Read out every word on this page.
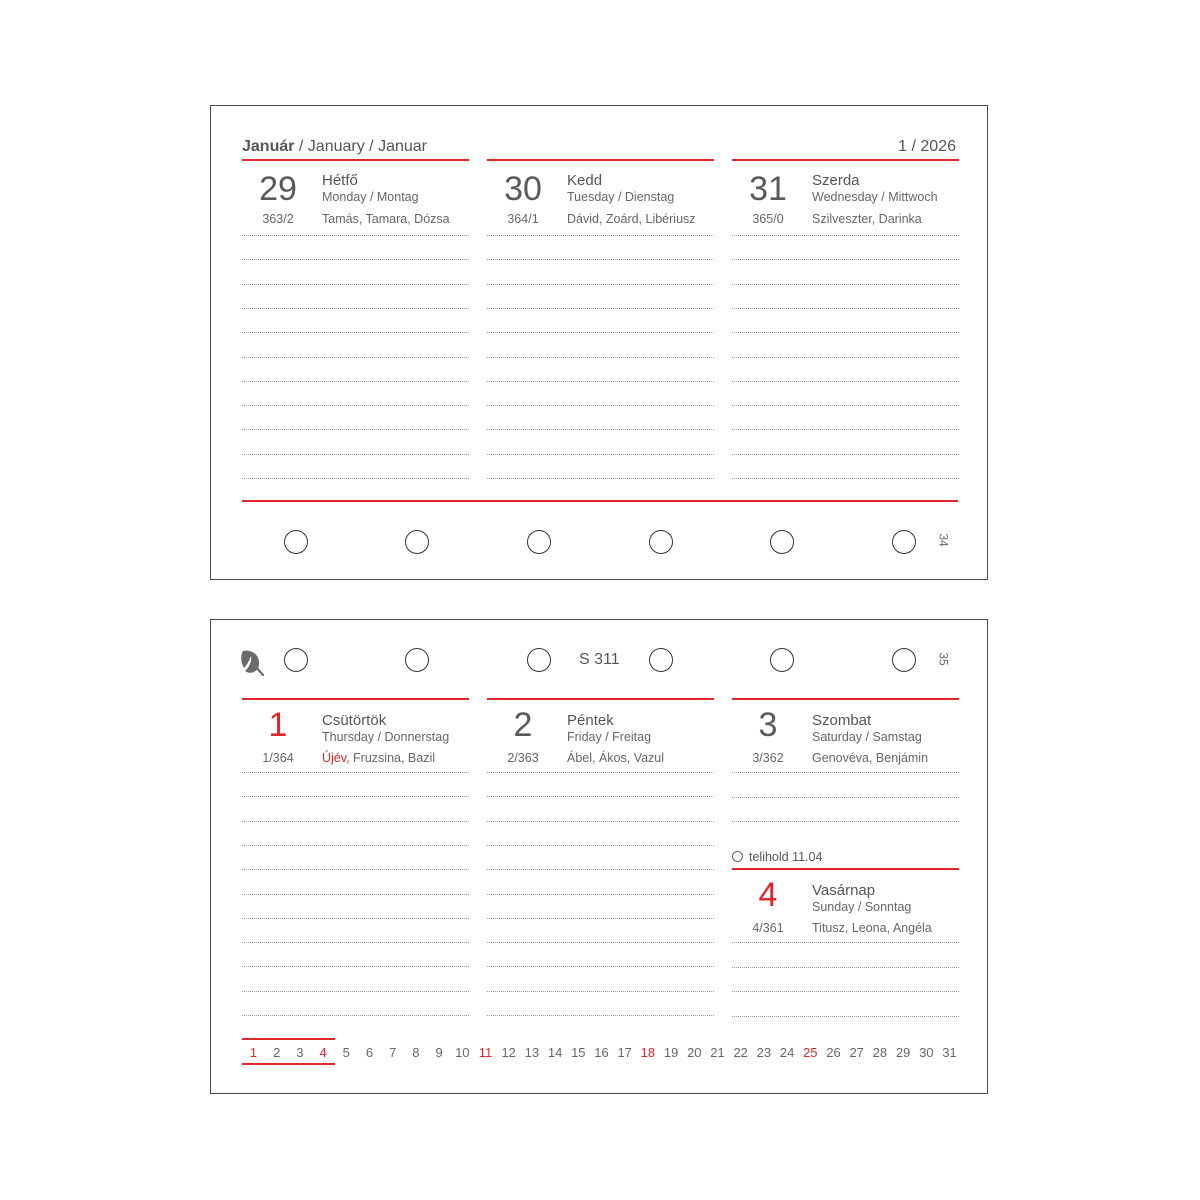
Január / January / Januar	1 / 2026
29	Hétfő
Monday / Montag
363/2	Tamás, Tamara, Dózsa
30	Kedd
Tuesday / Dienstag
364/1	Dávid, Zoárd, Libériusz
31	Szerda
Wednesday / Mittwoch
365/0	Szilveszter, Darinka
34
S 311	35
1	Csütörtök
Thursday / Donnerstag
1/364	Újév, Fruzsina, Bazil
2	Péntek
Friday / Freitag
2/363	Ábel, Ákos, Vazul
3	Szombat
Saturday / Samstag
3/362	Genovéva, Benjámin
telihold 11.04
4	Vasárnap
Sunday / Sonntag
4/361	Titusz, Leona, Angéla
1	2	3	4	5	6	7	8	9 10 11 12 13 14 15 16 17 18 19 20 21 22 23 24 25 26 27 28 29 30 31
